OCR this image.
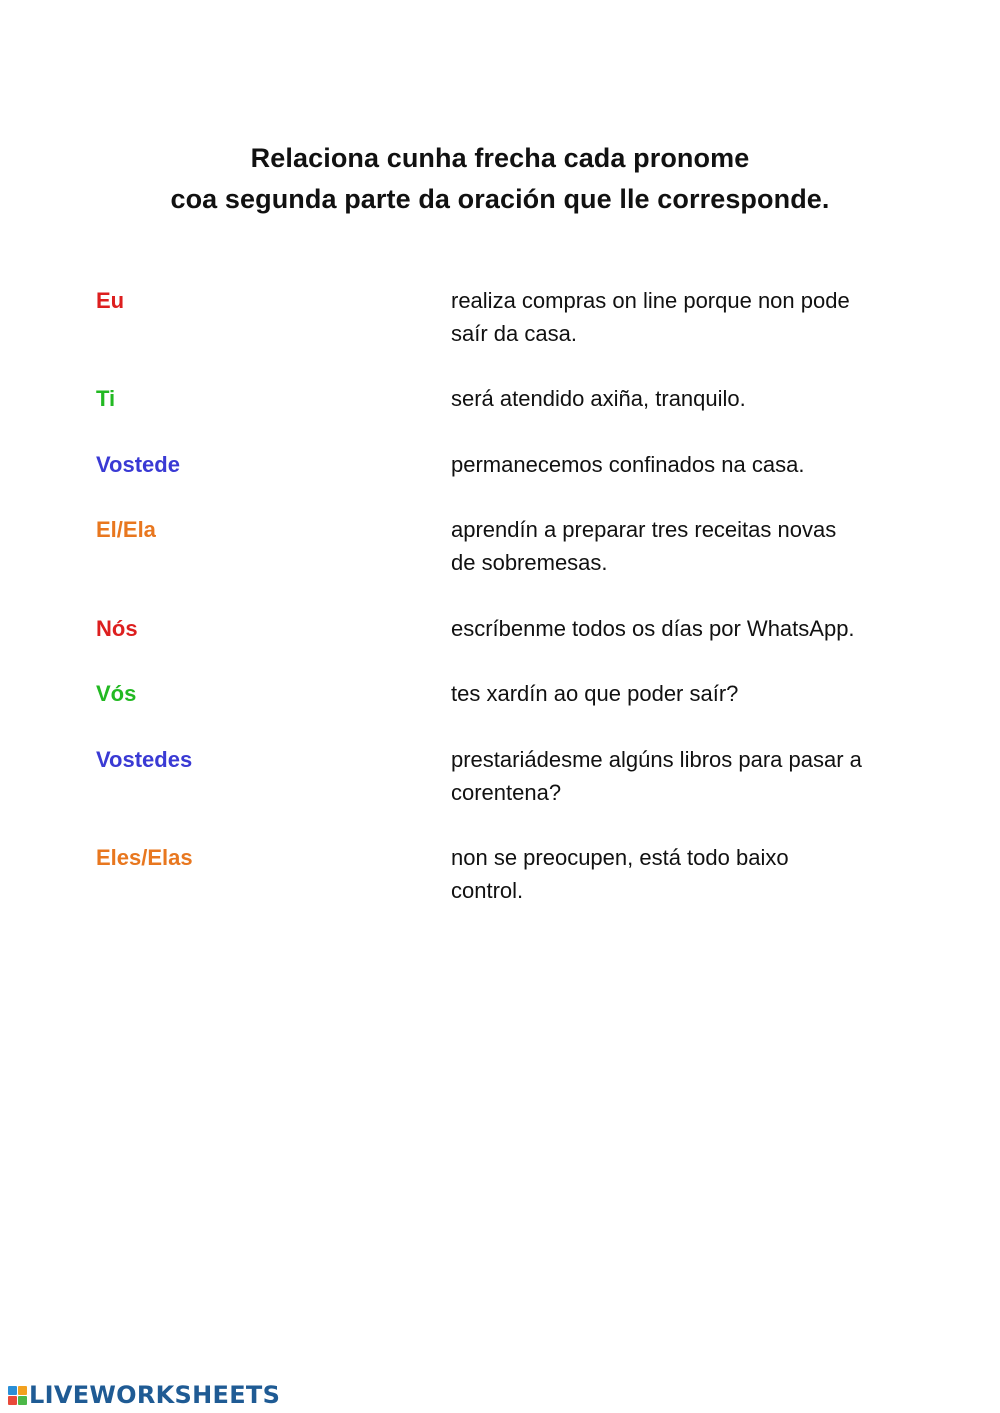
Relaciona cunha frecha cada pronome
coa segunda parte da oración que lle corresponde.
Eu
Ti
Vostede
El/Ela
Nós
Vós
Vostedes
Eles/Elas
realiza compras on line porque non pode
saír da casa.
será atendido axiña, tranquilo.
permanecemos confinados na casa.
aprendín a preparar tres receitas novas
de sobremesas.
escríbenme todos os días por WhatsApp.
tes xardín ao que poder saír?
prestariádesme algúns libros para pasar a
corentena?
non se preocupen, está todo baixo
control.
LIVEWORKSHEETS
